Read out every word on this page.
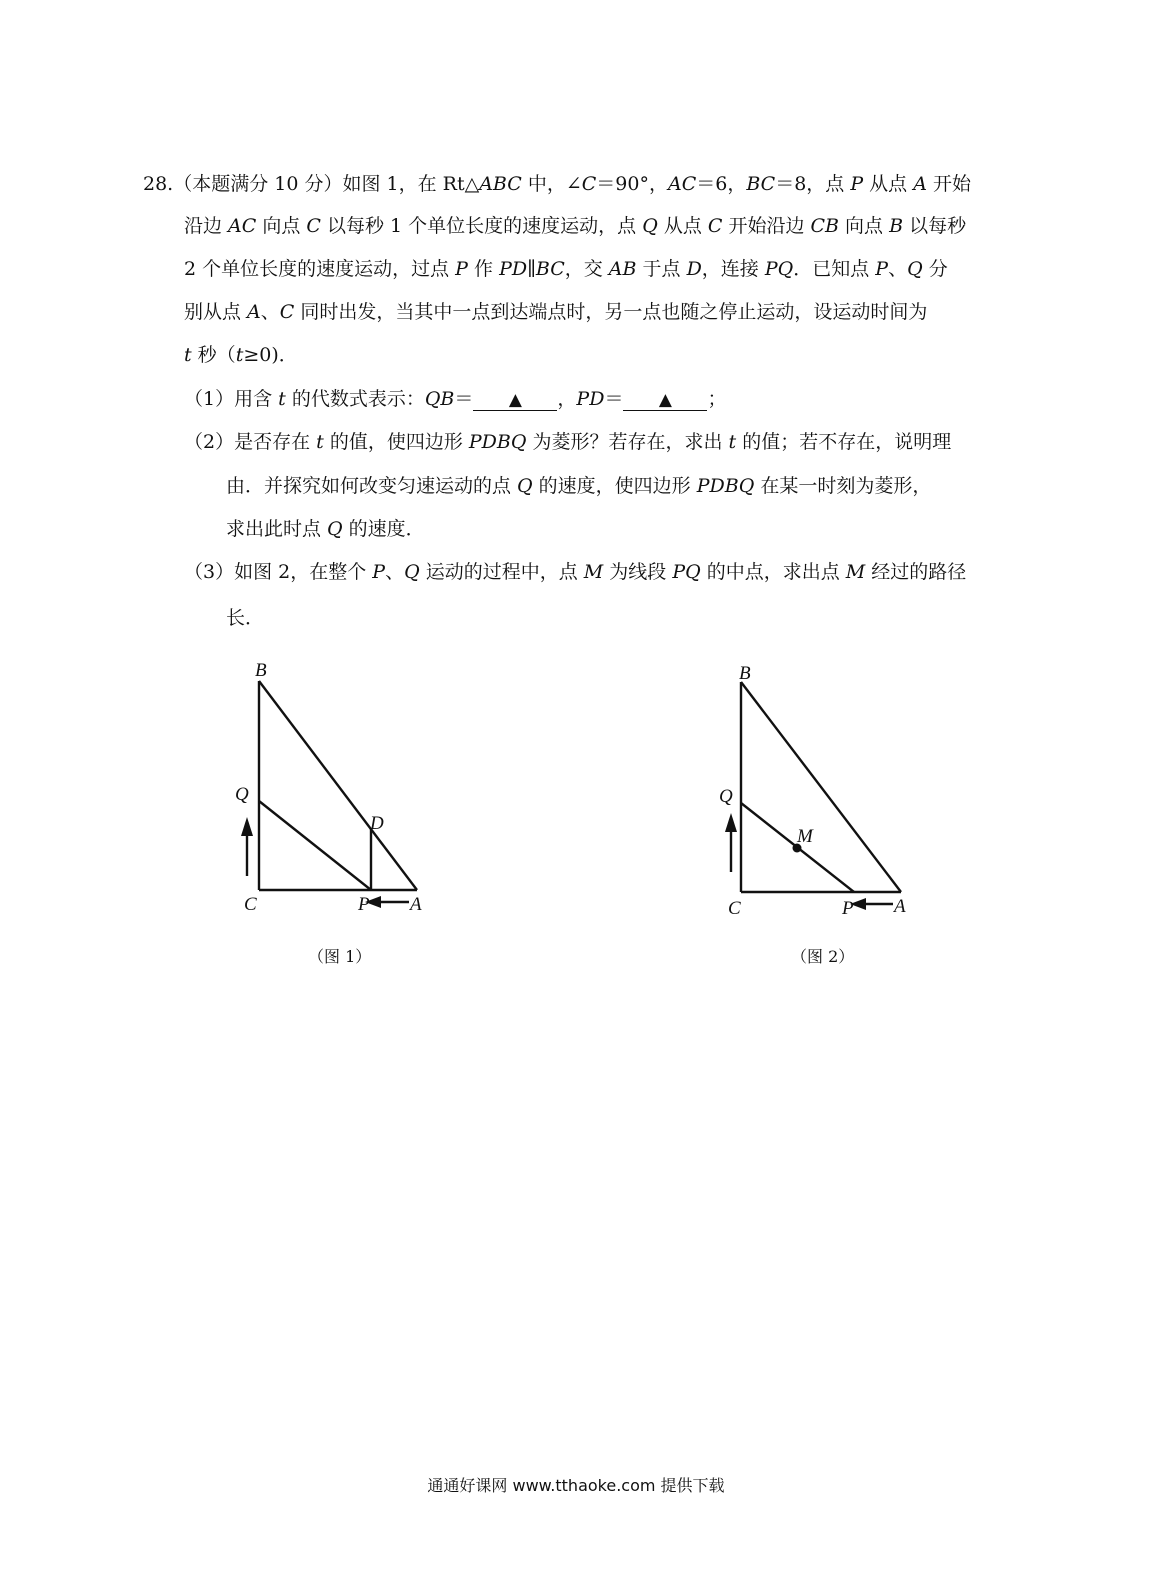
28.（本题满分 10 分）如图 1，在 Rt△ABC 中，∠C＝90°，AC＝6，BC＝8，点 P 从点 A 开始
沿边 AC 向点 C 以每秒 1 个单位长度的速度运动，点 Q 从点 C 开始沿边 CB 向点 B 以每秒
2 个单位长度的速度运动，过点 P 作 PD∥BC，交 AB 于点 D，连接 PQ．已知点 P、Q 分
别从点 A、C 同时出发，当其中一点到达端点时，另一点也随之停止运动，设运动时间为
t 秒（t≥0)．
（1）用含 t 的代数式表示：QB＝ ▲ ，PD＝ ▲ ；
（2）是否存在 t 的值，使四边形 PDBQ 为菱形？若存在，求出 t 的值；若不存在，说明理
由．并探究如何改变匀速运动的点 Q 的速度，使四边形 PDBQ 在某一时刻为菱形，
求出此时点 Q 的速度．
（3）如图 2，在整个 P、Q 运动的过程中，点 M 为线段 PQ 的中点，求出点 M 经过的路径
长．
B
Q
D
C	P A
（图 1）
B
Q
M
C	P A
（图 2）
通通好课网 www.tthaoke.com 提供下载
